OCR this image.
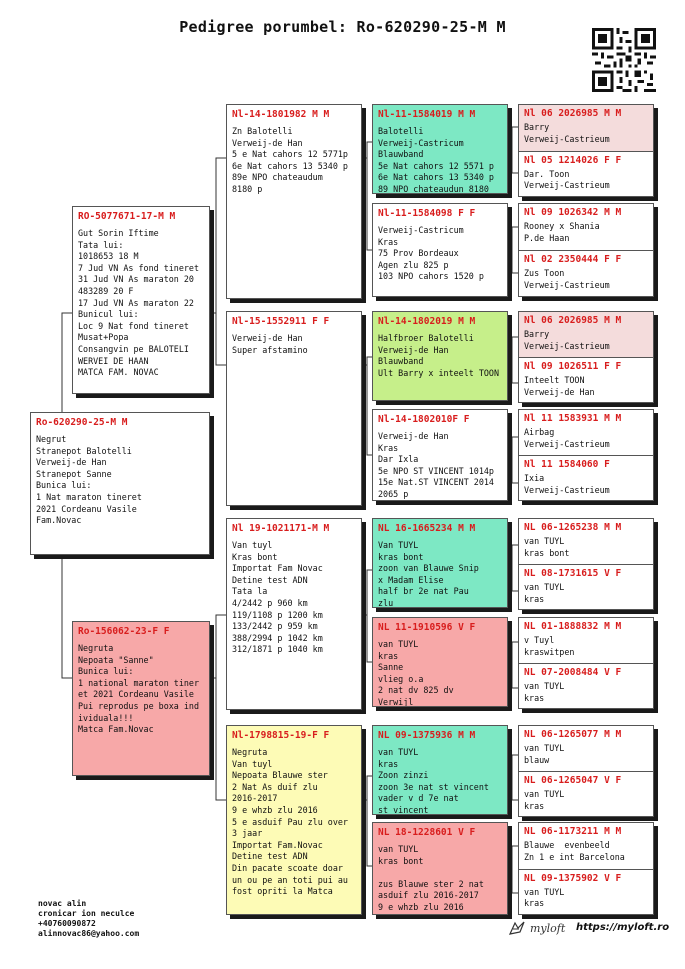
Pedigree porumbel: Ro-620290-25-M M
Ro-620290-25-M M
Negrut
Stranepot Balotelli
Verweij-de Han
Stranepot Sanne
Bunica lui:
1 Nat maraton tineret
2021 Cordeanu Vasile
Fam.Novac
RO-5077671-17-M M
Gut Sorin Iftime
Tata lui:
1018653 18 M
7 Jud VN As fond tineret
31 Jud VN As maraton 20
483289 20 F
17 Jud VN As maraton 22
Bunicul lui:
Loc 9 Nat fond tineret
Musat+Popa
Consangvin pe BALOTELI
WERVEI DE HAAN
MATCA FAM. NOVAC
Ro-156062-23-F F
Negruta
Nepoata "Sanne"
Bunica lui:
1 national maraton tiner
et 2021 Cordeanu Vasile
Pui reprodus pe boxa ind
ividuala!!!
Matca Fam.Novac
Nl-14-1801982 M M
Zn Balotelli
Verweij-de Han
5 e Nat cahors 12 5771p
6e Nat cahors 13 5340 p
89e NPO chateaudum
8180 p
Nl-15-1552911 F F
Verweij-de Han
Super afstamino
Nl 19-1021171-M M
Van tuyl
Kras bont
Importat Fam Novac
Detine test ADN
Tata la
4/2442 p 960 km
119/1108 p 1200 km
133/2442 p 959 km
388/2994 p 1042 km
312/1871 p 1040 km
Nl-1798815-19-F F
Negruta
Van tuyl
Nepoata Blauwe ster
2 Nat As duif zlu
2016-2017
9 e whzb zlu 2016
5 e asduif Pau zlu over
3 jaar
Importat Fam.Novac
Detine test ADN
Din pacate scoate doar
un ou pe an toti pui au
fost opriti la Matca
Nl-11-1584019 M M
Balotelli
Verweij-Castricum
Blauwband
5e Nat cahors 12 5571 p
6e Nat cahors 13 5340 p
89 NPO chateaudun 8180
Nl-11-1584098 F F
Verweij-Castricum
Kras
75 Prov Bordeaux
Agen zlu 825 p
103 NPO cahors 1520 p
Nl-14-1802019 M M
Halfbroer Balotelli
Verweij-de Han
Blauwband
Ult Barry x inteelt TOON
Nl-14-1802010F F
Verweij-de Han
Kras
Dar Ixla
5e NPO ST VINCENT 1014p
15e Nat.ST VINCENT 2014
2065 p
NL 16-1665234 M M
Van TUYL
kras bont
zoon van Blauwe Snip
x Madam Elise
half br 2e nat Pau
zlu
NL 11-1910596 V F
van TUYL
kras
Sanne
vlieg o.a
2 nat dv 825 dv
Verwijl
NL 09-1375936 M M
van TUYL
kras
Zoon zinzi
zoon 3e nat st vincent
vader v d 7e nat
st vincent
NL 18-1228601 V F
van TUYL
kras bont

zus Blauwe ster 2 nat
asduif zlu 2016-2017
9 e whzb zlu 2016
Nl 06 2026985 M M
Barry
Verweij-Castrieum
Nl 05 1214026 F F
Dar. Toon
Verweij-Castrieum
Nl 09 1026342 M M
Rooney x Shania
P.de Haan
Nl 02 2350444 F F
Zus Toon
Verweij-Castrieum
Nl 06 2026985 M M
Barry
Verweij-Castrieum
Nl 09 1026511 F F
Inteelt TOON
Verweij-de Han
Nl 11 1583931 M M
Airbag
Verweij-Castrieum
Nl 11 1584060 F
Ixia
Verweij-Castrieum
NL 06-1265238 M M
van TUYL
kras bont
NL 08-1731615 V F
van TUYL
kras
NL 01-1888832 M M
v Tuyl
kraswitpen
NL 07-2008484 V F
van TUYL
kras
NL 06-1265077 M M
van TUYL
blauw
NL 06-1265047 V F
van TUYL
kras
NL 06-1173211 M M
Blauwe  evenbeeld
Zn 1 e int Barcelona
NL 09-1375902 V F
van TUYL
kras
novac alin
cronicar ion neculce
+40760090872
alinnovac86@yahoo.com	myloft https://myloft.ro
